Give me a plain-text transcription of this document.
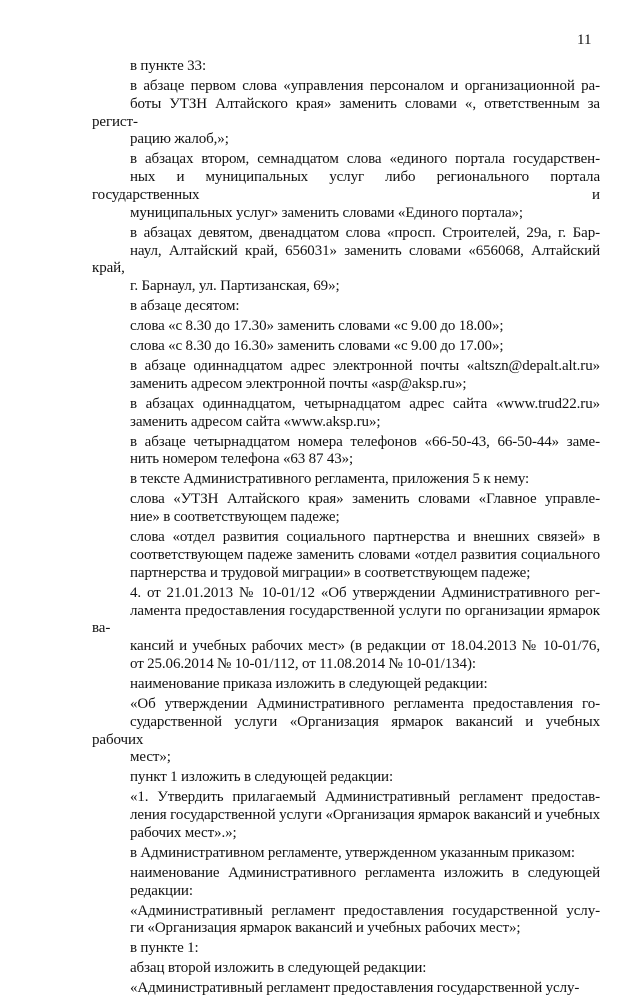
11

в пункте 33:

в абзаце первом слова «управления персоналом и организационной ра-
боты УТЗН Алтайского края» заменить словами «, ответственным за регист-
рацию жалоб,»;

в абзацах втором, семнадцатом слова «единого портала государствен-
ных и муниципальных услуг либо регионального портала государственных и
муниципальных услуг» заменить словами «Единого портала»;

в абзацах девятом, двенадцатом слова «просп. Строителей, 29а, г. Бар-
наул, Алтайский край, 656031» заменить словами «656068, Алтайский край,
г. Барнаул, ул. Партизанская, 69»;

в абзаце десятом:

слова «с 8.30 до 17.30» заменить словами «с 9.00 до 18.00»;

слова «с 8.30 до 16.30» заменить словами «с 9.00 до 17.00»;

в абзаце одиннадцатом адрес электронной почты «altszn@depalt.alt.ru»
заменить адресом электронной почты «asp@aksp.ru»;

в абзацах одиннадцатом, четырнадцатом адрес сайта «www.trud22.ru»
заменить адресом сайта «www.aksp.ru»;

в абзаце четырнадцатом номера телефонов «66-50-43, 66-50-44» заме-
нить номером телефона «63 87 43»;

в тексте Административного регламента, приложения 5 к нему:

слова «УТЗН Алтайского края» заменить словами «Главное управле-
ние» в соответствующем падеже;

слова «отдел развития социального партнерства и внешних связей» в
соответствующем падеже заменить словами «отдел развития социального
партнерства и трудовой миграции» в соответствующем падеже;

4. от 21.01.2013 № 10-01/12 «Об утверждении Административного рег-
ламента предоставления государственной услуги по организации ярмарок ва-
кансий и учебных рабочих мест» (в редакции от 18.04.2013 № 10-01/76,
от 25.06.2014 № 10-01/112, от 11.08.2014 № 10-01/134):

наименование приказа изложить в следующей редакции:

«Об утверждении Административного регламента предоставления го-
сударственной услуги «Организация ярмарок вакансий и учебных рабочих
мест»;

пункт 1 изложить в следующей редакции:

«1. Утвердить прилагаемый Административный регламент предостав-
ления государственной услуги «Организация ярмарок вакансий и учебных
рабочих мест».»;

в Административном регламенте, утвержденном указанным приказом:

наименование Административного регламента изложить в следующей
редакции:

«Административный регламент предоставления государственной услу-
ги «Организация ярмарок вакансий и учебных рабочих мест»;

в пункте 1:

абзац второй изложить в следующей редакции:

«Административный регламент предоставления государственной услу-
